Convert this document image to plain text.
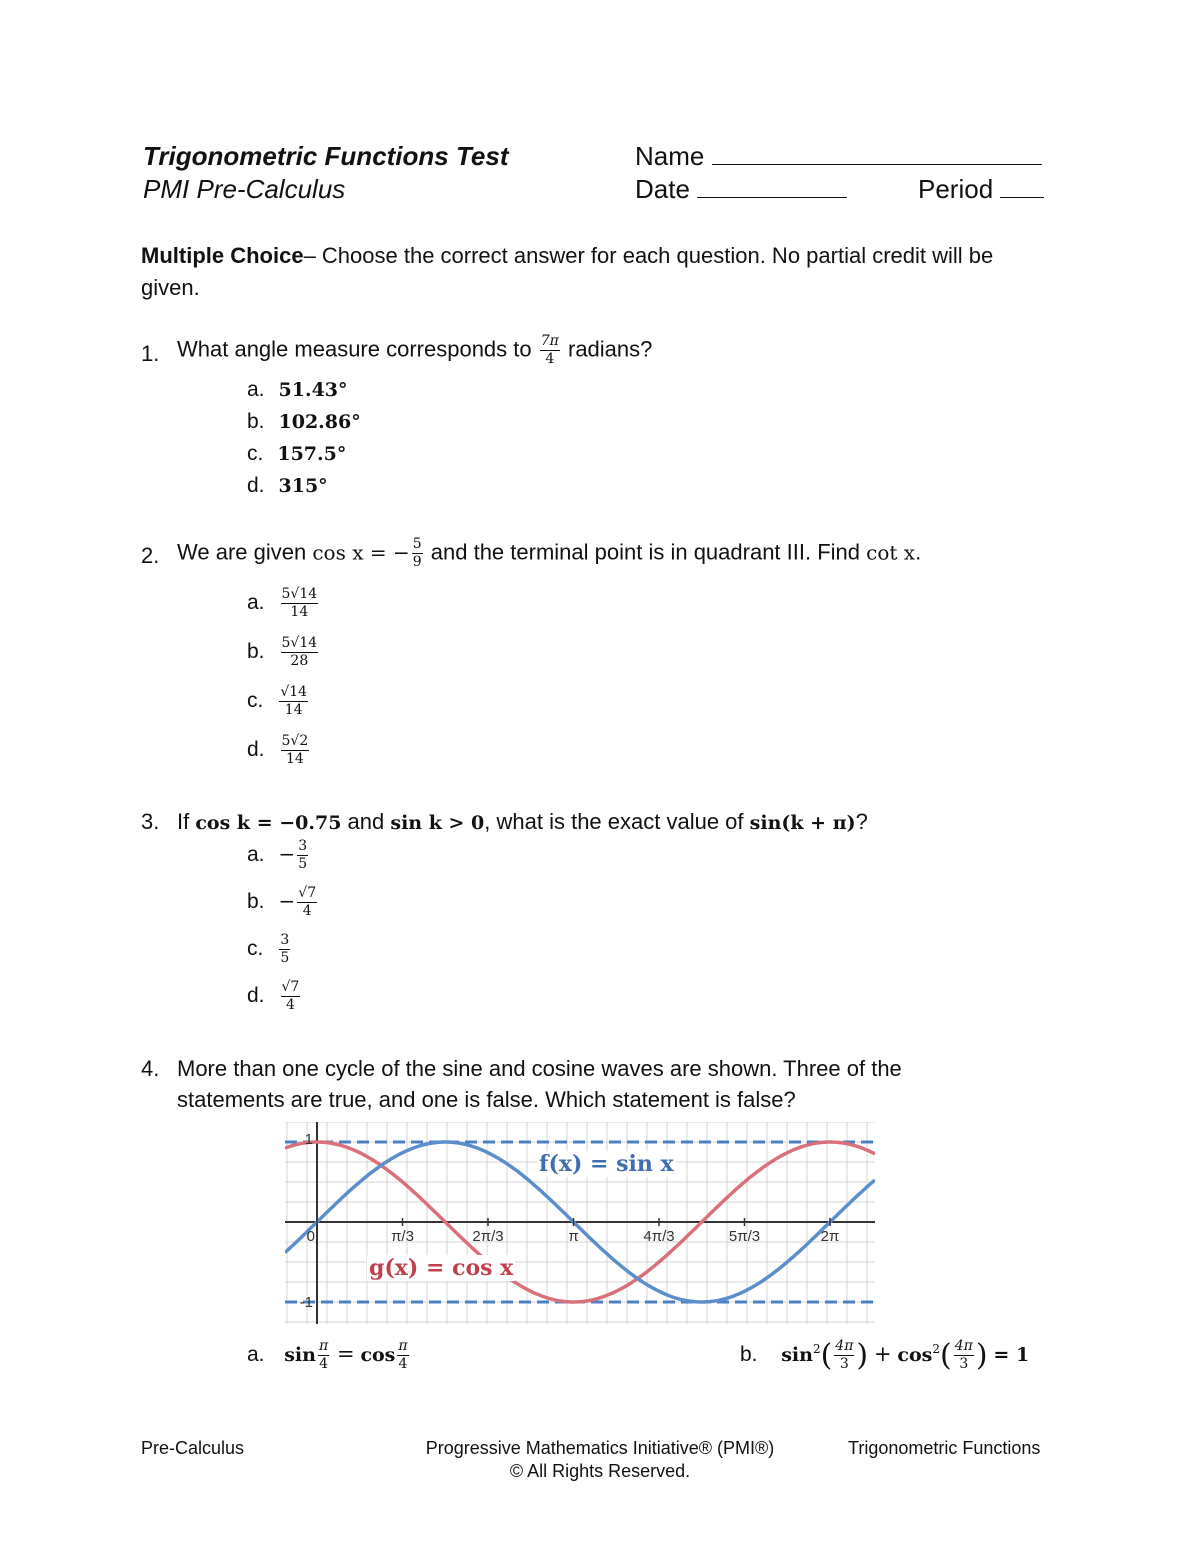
Trigonometric Functions Test
PMI Pre-Calculus
Name
Date	Period
Multiple Choice– Choose the correct answer for each question. No partial credit will be given.
1. What angle measure corresponds to $\frac{7\pi}{4}$ radians?
a. 51.43°
b. 102.86°
c. 157.5°
d. 315°
2. We are given cos x = − $\frac{5}{9}$ and the terminal point is in quadrant III. Find cot x.
a. $\frac{5√14}{14}$
b. $\frac{5√14}{28}$
c. $\frac{√14}{14}$
d. $\frac{5√2}{14}$
3. If cos k = −0.75 and sin k > 0, what is the exact value of sin(k + π)?
a. − $\frac{3}{5}$
b. − $\frac{√7}{4}$
c. $\frac{3}{5}$
d. $\frac{√7}{4}$
4. More than one cycle of the sine and cosine waves are shown. Three of the
statements are true, and one is false. Which statement is false?
1
-1
0	π/3	2π/3	π	4π/3	5π/3	2π
f(x) = sin x
g(x) = cos x
a. $\sin \frac{\pi}{4} = \cos \frac{\pi}{4}$	b. $\sin^2( \frac{4\pi}{3}$ ) + $\cos^2( \frac{4\pi}{3}$ ) = 1
Pre-Calculus	Progressive Mathematics Initiative® (PMI®)
© All Rights Reserved.
Trigonometric Functions
